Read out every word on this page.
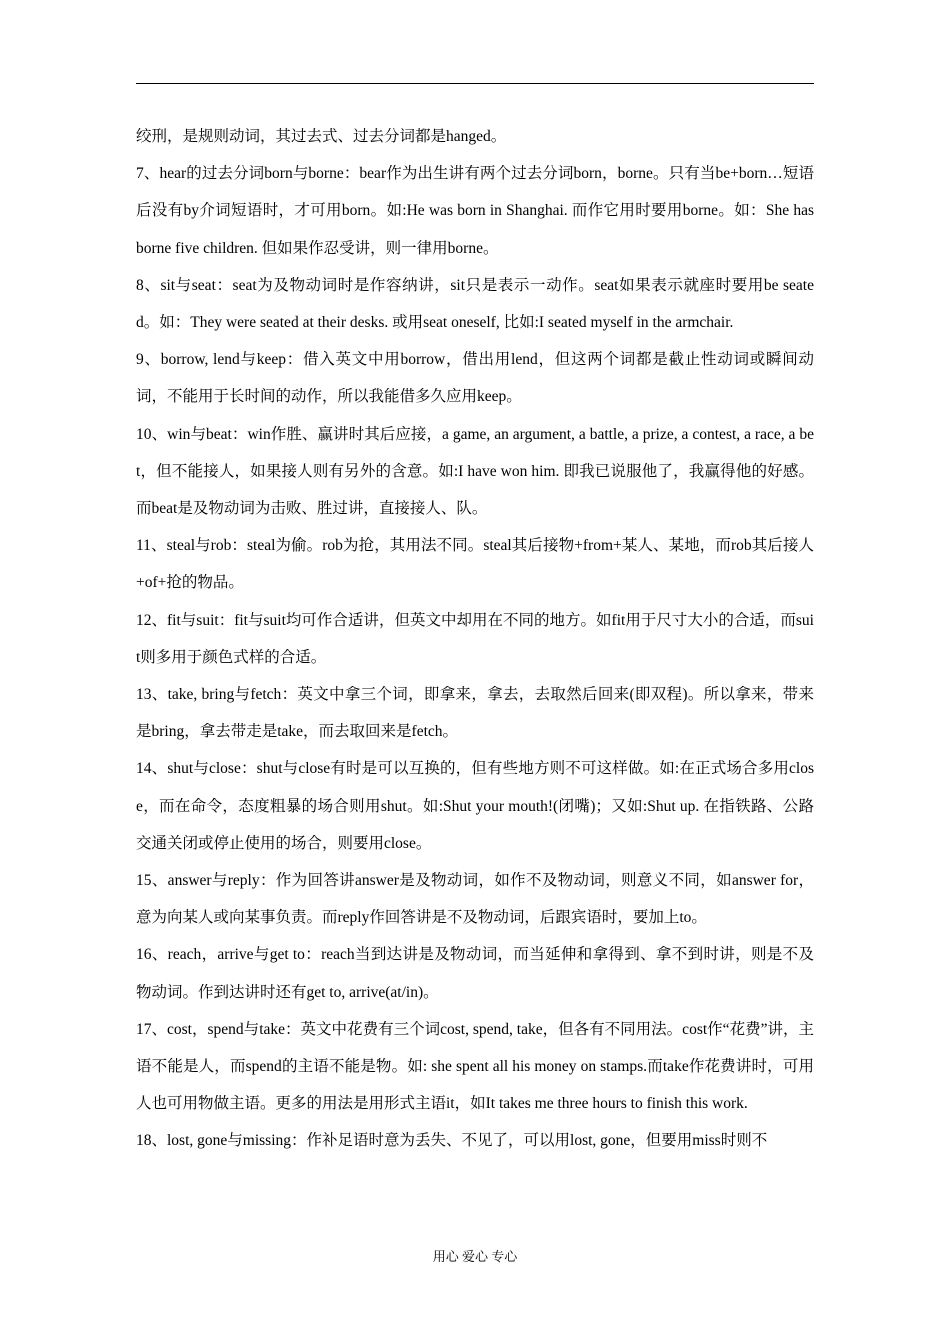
绞刑，是规则动词，其过去式、过去分词都是hanged。
7、hear的过去分词born与borne：bear作为出生讲有两个过去分词born，borne。只有当be+born…短语后没有by介词短语时，才可用born。如:He was born in Shanghai. 而作它用时要用borne。如：She has borne five children. 但如果作忍受讲，则一律用borne。
8、sit与seat：seat为及物动词时是作容纳讲，sit只是表示一动作。seat如果表示就座时要用be seated。如：They were seated at their desks. 或用seat oneself, 比如:I seated myself in the armchair.
9、borrow, lend与keep：借入英文中用borrow，借出用lend，但这两个词都是截止性动词或瞬间动词，不能用于长时间的动作，所以我能借多久应用keep。
10、win与beat：win作胜、赢讲时其后应接，a game, an argument, a battle, a prize, a contest, a race, a bet，但不能接人，如果接人则有另外的含意。如:I have won him. 即我已说服他了，我赢得他的好感。而beat是及物动词为击败、胜过讲，直接接人、队。
11、steal与rob：steal为偷。rob为抢，其用法不同。steal其后接物+from+某人、某地，而rob其后接人+of+抢的物品。
12、fit与suit：fit与suit均可作合适讲，但英文中却用在不同的地方。如fit用于尺寸大小的合适，而suit则多用于颜色式样的合适。
13、take, bring与fetch：英文中拿三个词，即拿来，拿去，去取然后回来(即双程)。所以拿来，带来是bring，拿去带走是take，而去取回来是fetch。
14、shut与close：shut与close有时是可以互换的，但有些地方则不可这样做。如:在正式场合多用close，而在命令，态度粗暴的场合则用shut。如:Shut your mouth!(闭嘴)；又如:Shut up. 在指铁路、公路交通关闭或停止使用的场合，则要用close。
15、answer与reply：作为回答讲answer是及物动词，如作不及物动词，则意义不同，如answer for，意为向某人或向某事负责。而reply作回答讲是不及物动词，后跟宾语时，要加上to。
16、reach，arrive与get to：reach当到达讲是及物动词，而当延伸和拿得到、拿不到时讲，则是不及物动词。作到达讲时还有get to, arrive(at/in)。
17、cost，spend与take：英文中花费有三个词cost, spend, take，但各有不同用法。cost作“花费”讲，主语不能是人，而spend的主语不能是物。如: she spent all his money on stamps.而take作花费讲时，可用人也可用物做主语。更多的用法是用形式主语it，如It takes me three hours to finish this work.
18、lost, gone与missing：作补足语时意为丢失、不见了，可以用lost, gone，但要用miss时则不
用心 爱心 专心
